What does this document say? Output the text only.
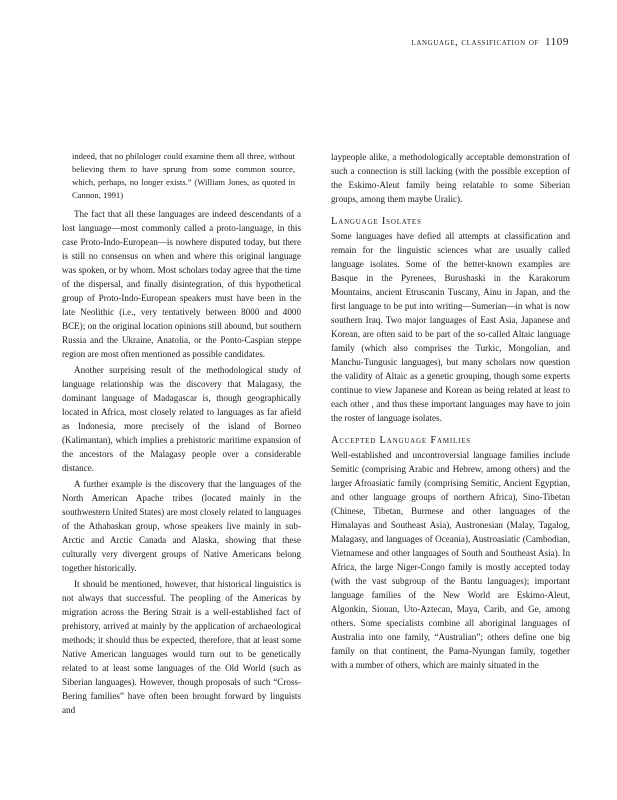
language, classification of 1109

indeed, that no philologer could examine them all three, without believing them to have sprung from some common source, which, perhaps, no longer exists.” (William Jones, as quoted in Cannon, 1991)

The fact that all these languages are indeed descendants of a lost language—most commonly called a proto-language, in this case Proto-Indo-European—is nowhere disputed today, but there is still no consensus on when and where this original language was spoken, or by whom. Most scholars today agree that the time of the dispersal, and finally disintegration, of this hypothetical group of Proto-Indo-European speakers must have been in the late Neolithic (i.e., very tentatively between 8000 and 4000 BCE); on the original location opinions still abound, but southern Russia and the Ukraine, Anatolia, or the Ponto-Caspian steppe region are most often mentioned as possible candidates.

Another surprising result of the methodological study of language relationship was the discovery that Malagasy, the dominant language of Madagascar is, though geographically located in Africa, most closely related to languages as far afield as Indonesia, more precisely of the island of Borneo (Kalimantan), which implies a prehistoric maritime expansion of the ancestors of the Malagasy people over a considerable distance.

A further example is the discovery that the languages of the North American Apache tribes (located mainly in the southwestern United States) are most closely related to languages of the Athabaskan group, whose speakers live mainly in sub-Arctic and Arctic Canada and Alaska, showing that these culturally very divergent groups of Native Americans belong together historically.

It should be mentioned, however, that historical linguistics is not always that successful. The peopling of the Americas by migration across the Bering Strait is a well-established fact of prehistory, arrived at mainly by the application of archaeological methods; it should thus be expected, therefore, that at least some Native American languages would turn out to be genetically related to at least some languages of the Old World (such as Siberian languages). However, though proposals of such “Cross-Bering families” have often been brought forward by linguists and

laypeople alike, a methodologically acceptable demonstration of such a connection is still lacking (with the possible exception of the Eskimo-Aleut family being relatable to some Siberian groups, among them maybe Uralic).

Language Isolates

Some languages have defied all attempts at classification and remain for the linguistic sciences what are usually called language isolates. Some of the better-known examples are Basque in the Pyrenees, Burushaski in the Karakorum Mountains, ancient Etruscanin Tuscany, Ainu in Japan, and the first language to be put into writing—Sumerian—in what is now southern Iraq. Two major languages of East Asia, Japanese and Korean, are often said to be part of the so-called Altaic language family (which also comprises the Turkic, Mongolian, and Manchu-Tungusic languages), but many scholars now question the validity of Altaic as a genetic grouping, though some experts continue to view Japanese and Korean as being related at least to each other , and thus these important languages may have to join the roster of language isolates.

Accepted Language Families

Well-established and uncontroversial language families include Semitic (comprising Arabic and Hebrew, among others) and the larger Afroasiatic family (comprising Semitic, Ancient Egyptian, and other language groups of northern Africa), Sino-Tibetan (Chinese, Tibetan, Burmese and other languages of the Himalayas and Southeast Asia), Austronesian (Malay, Tagalog, Malagasy, and languages of Oceania), Austroasiatic (Cambodian, Vietnamese and other languages of South and Southeast Asia). In Africa, the large Niger-Congo family is mostly accepted today (with the vast subgroup of the Bantu languages); important language families of the New World are Eskimo-Aleut, Algonkin, Siouan, Uto-Aztecan, Maya, Carib, and Ge, among others. Some specialists combine all aboriginal languages of Australia into one family, “Australian”; others define one big family on that continent, the Pama-Nyungan family, together with a number of others, which are mainly situated in the
